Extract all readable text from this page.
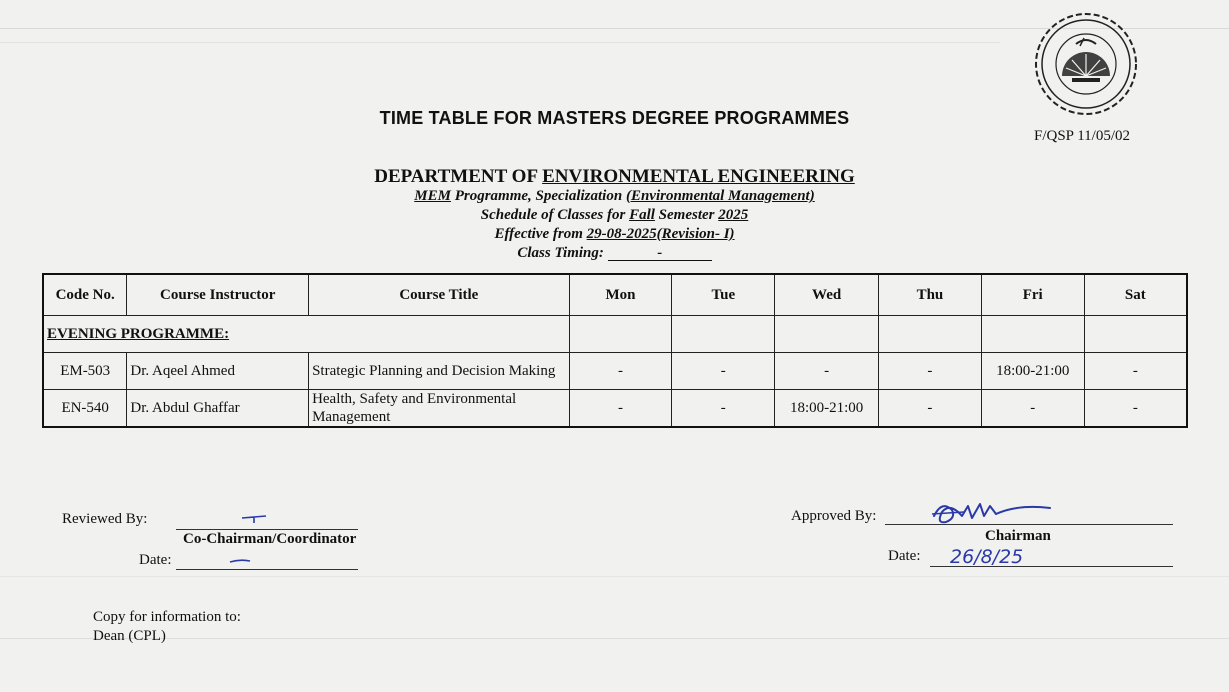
TIME TABLE FOR MASTERS DEGREE PROGRAMMES
F/QSP 11/05/02
DEPARTMENT OF ENVIRONMENTAL ENGINEERING
MEM Programme, Specialization (Environmental Management)
Schedule of Classes for Fall Semester 2025
Effective from 29-08-2025(Revision- I)
Class Timing:	-
Code No.	Course Instructor	Course Title	Mon	Tue	Wed	Thu	Fri	Sat
EVENING PROGRAMME:								
EM-503	Dr. Aqeel Ahmed	Strategic Planning and Decision Making	-	-	-	-	18:00-21:00	-
EN-540	Dr. Abdul Ghaffar	Health, Safety and Environmental Management	-	-	18:00-21:00	-	-	-
Reviewed By:
Co-Chairman/Coordinator
Date:
Approved By:
Chairman
Date: 26/8/25
Copy for information to:
Dean (CPL)
